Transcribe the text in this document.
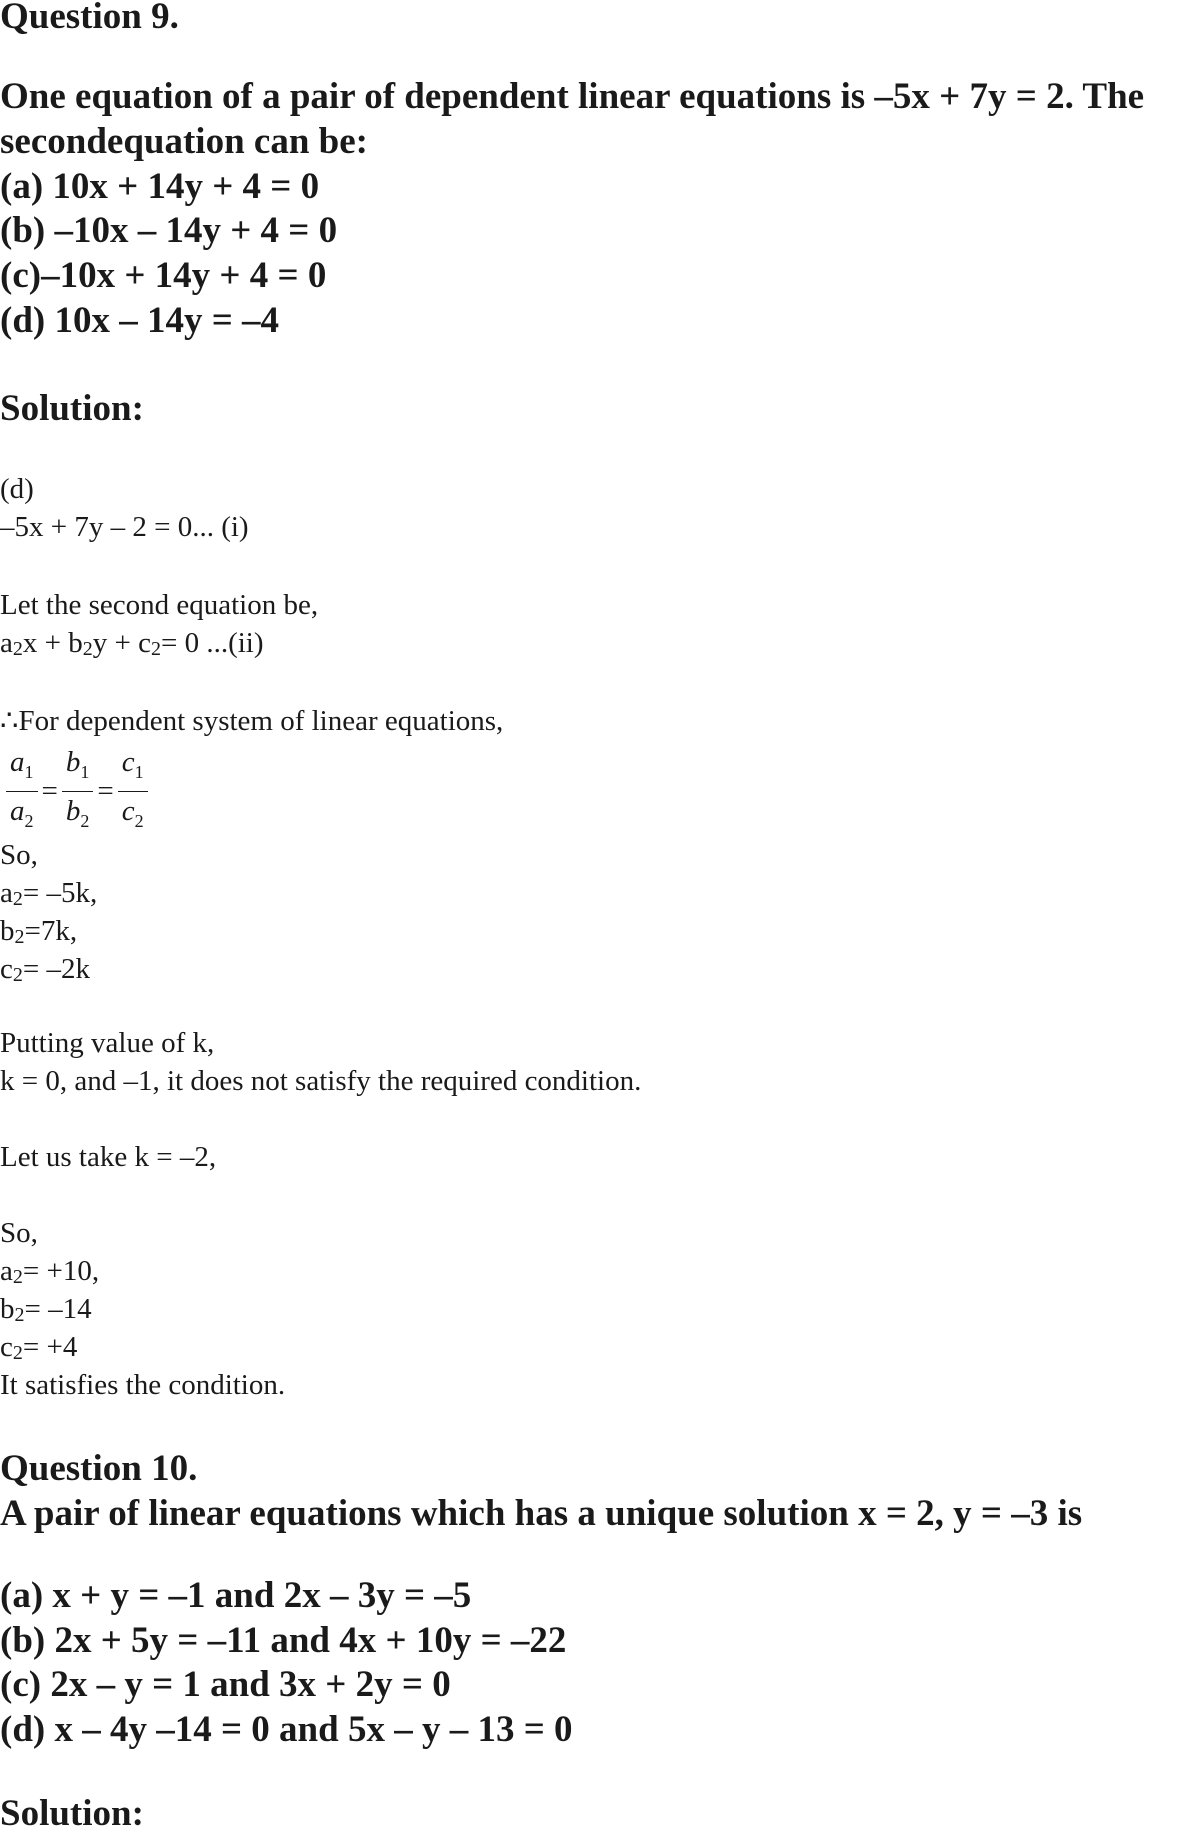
Question 9.
One equation of a pair of dependent linear equations is –5x + 7y = 2. The
secondequation can be:
(a) 10x + 14y + 4 = 0
(b) –10x – 14y + 4 = 0
(c)–10x + 14y + 4 = 0
(d) 10x – 14y = –4
Solution:
(d)
–5x + 7y – 2 = 0... (i)
Let the second equation be,
a2x + b2y + c2= 0 ...(ii)
∴For dependent system of linear equations,
$\frac{a_1}{a_2} = \frac{b_1}{b_2} = \frac{c_1}{c_2}$
So,
a2= –5k,
b2=7k,
c2= –2k
Putting value of k,
k = 0, and –1, it does not satisfy the required condition.
Let us take k = –2,
So,
a2= +10,
b2= –14
c2= +4
It satisfies the condition.
Question 10.
A pair of linear equations which has a unique solution x = 2, y = –3 is
(a) x + y = –1 and 2x – 3y = –5
(b) 2x + 5y = –11 and 4x + 10y = –22
(c) 2x – y = 1 and 3x + 2y = 0
(d) x – 4y –14 = 0 and 5x – y – 13 = 0
Solution:
